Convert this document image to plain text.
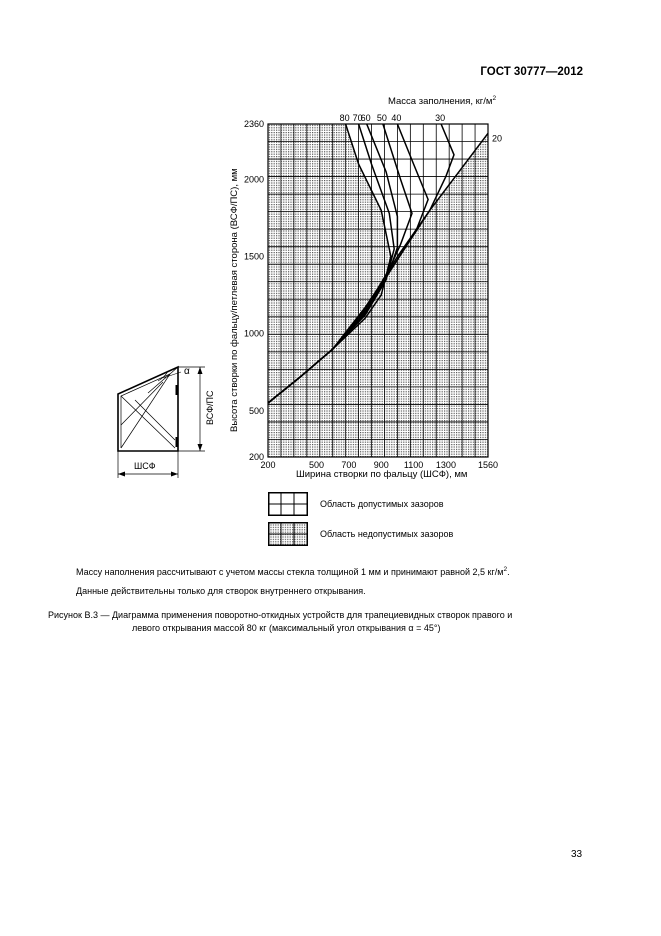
ГОСТ 30777—2012
200	500 700 900 1100 1300 1560
200
500
1000
1500
2000
2360
80 70
60 50 40	30
20
Масса заполнения, $кг/м^2$
Ширина створки по фальцу (ШСФ), мм
Высота створки по фальцу/петлевая сторона (ВСФ/ПС), мм
α
ВСФ/ПС
ШСФ
Область допустимых зазоров
Область недопустимых зазоров
Массу наполнения рассчитывают с учетом массы стекла толщиной 1 мм и принимают равной 2,5 $кг/м^2$.
Данные действительны только для створок внутреннего открывания.
Рисунок В.3 — Диаграмма применения поворотно-откидных устройств для трапециевидных створок правого и
левого открывания массой 80 кг (максимальный угол открывания α = 45°)
33
